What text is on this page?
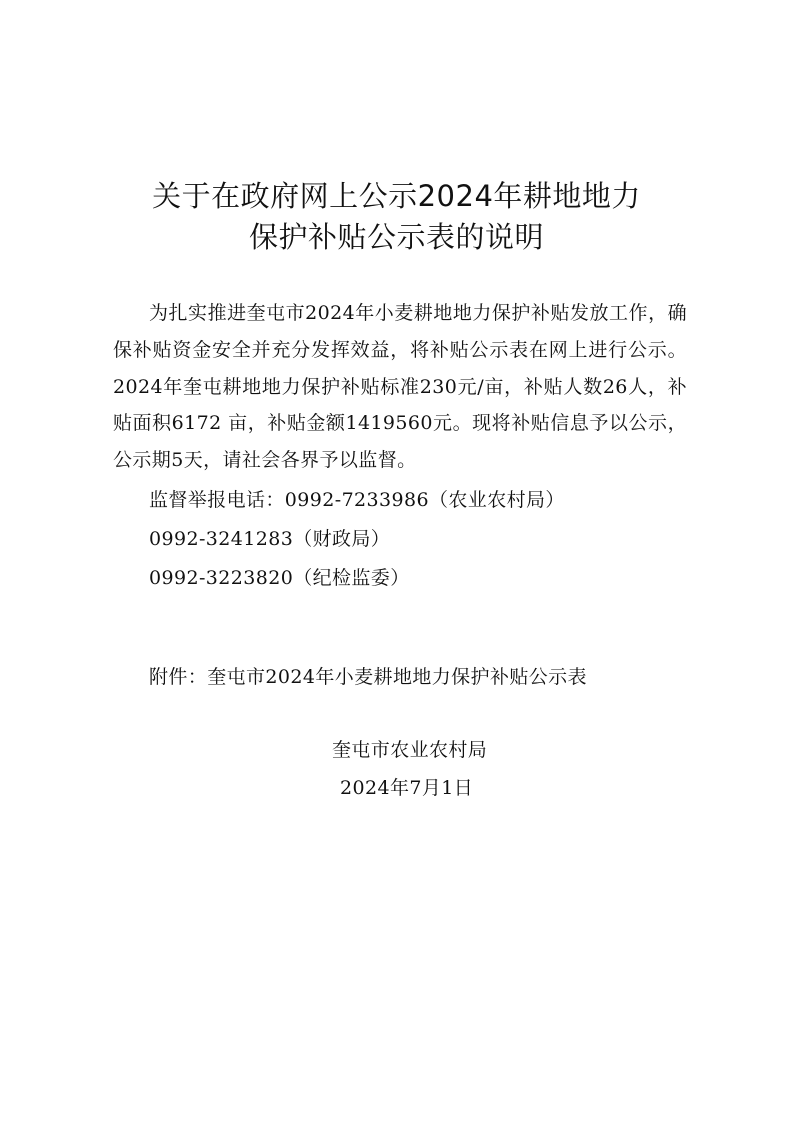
关于在政府网上公示2024年耕地地力
保护补贴公示表的说明

为扎实推进奎屯市2024年小麦耕地地力保护补贴发放工作，确保补贴资金安全并充分发挥效益，将补贴公示表在网上进行公示。2024年奎屯耕地地力保护补贴标准230元/亩，补贴人数26人，补贴面积6172 亩，补贴金额1419560元。现将补贴信息予以公示，公示期5天，请社会各界予以监督。

监督举报电话：0992-7233986（农业农村局）
0992-3241283（财政局）
0992-3223820（纪检监委）
附件：奎屯市2024年小麦耕地地力保护补贴公示表
奎屯市农业农村局
2024年7月1日
